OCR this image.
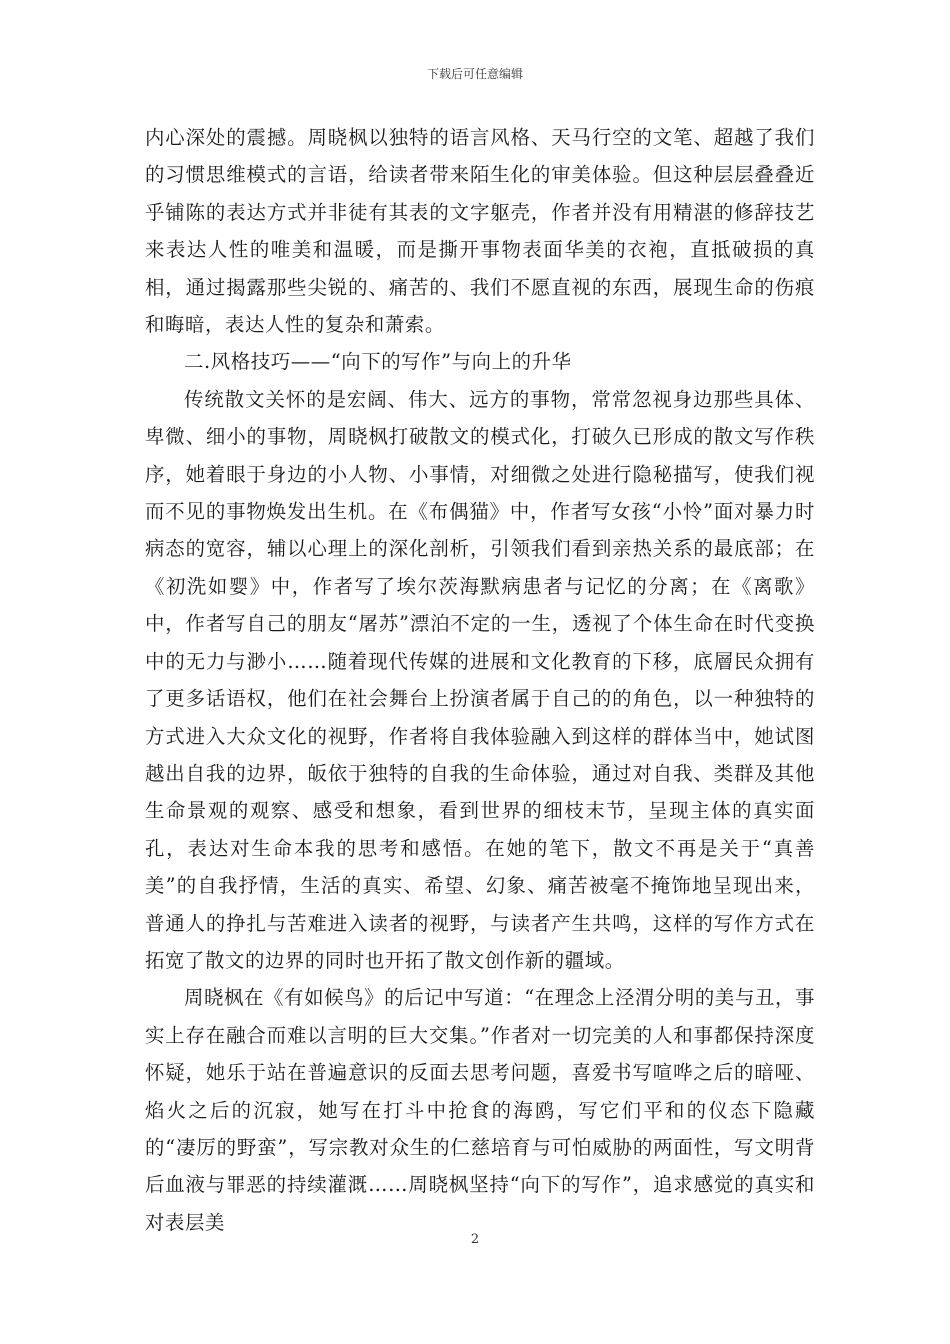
下载后可任意编辑

内心深处的震撼。周晓枫以独特的语言风格、天马行空的文笔、超越了我们的习惯思维模式的言语，给读者带来陌生化的审美体验。但这种层层叠叠近乎铺陈的表达方式并非徒有其表的文字躯壳，作者并没有用精湛的修辞技艺来表达人性的唯美和温暖，而是撕开事物表面华美的衣袍，直抵破损的真相，通过揭露那些尖锐的、痛苦的、我们不愿直视的东西，展现生命的伤痕和晦暗，表达人性的复杂和萧索。

二.风格技巧——“向下的写作”与向上的升华

传统散文关怀的是宏阔、伟大、远方的事物，常常忽视身边那些具体、卑微、细小的事物，周晓枫打破散文的模式化，打破久已形成的散文写作秩序，她着眼于身边的小人物、小事情，对细微之处进行隐秘描写，使我们视而不见的事物焕发出生机。在《布偶猫》中，作者写女孩“小怜”面对暴力时病态的宽容，辅以心理上的深化剖析，引领我们看到亲热关系的最底部；在《初洗如婴》中，作者写了埃尔茨海默病患者与记忆的分离；在《离歌》中，作者写自己的朋友“屠苏”漂泊不定的一生，透视了个体生命在时代变换中的无力与渺小……随着现代传媒的进展和文化教育的下移，底層民众拥有了更多话语权，他们在社会舞台上扮演者属于自己的的角色，以一种独特的方式进入大众文化的视野，作者将自我体验融入到这样的群体当中，她试图越出自我的边界，皈依于独特的自我的生命体验，通过对自我、类群及其他生命景观的观察、感受和想象，看到世界的细枝末节，呈现主体的真实面孔，表达对生命本我的思考和感悟。在她的笔下，散文不再是关于“真善美”的自我抒情，生活的真实、希望、幻象、痛苦被毫不掩饰地呈现出来，普通人的挣扎与苦难进入读者的视野，与读者产生共鸣，这样的写作方式在拓宽了散文的边界的同时也开拓了散文创作新的疆域。

周晓枫在《有如候鸟》的后记中写道：“在理念上泾渭分明的美与丑，事实上存在融合而难以言明的巨大交集。”作者对一切完美的人和事都保持深度怀疑，她乐于站在普遍意识的反面去思考问题，喜爱书写喧哗之后的暗哑、焰火之后的沉寂，她写在打斗中抢食的海鸥，写它们平和的仪态下隐藏的“凄厉的野蛮”，写宗教对众生的仁慈培育与可怕威胁的两面性，写文明背后血液与罪恶的持续灌溉……周晓枫坚持“向下的写作”，追求感觉的真实和对表层美

2
